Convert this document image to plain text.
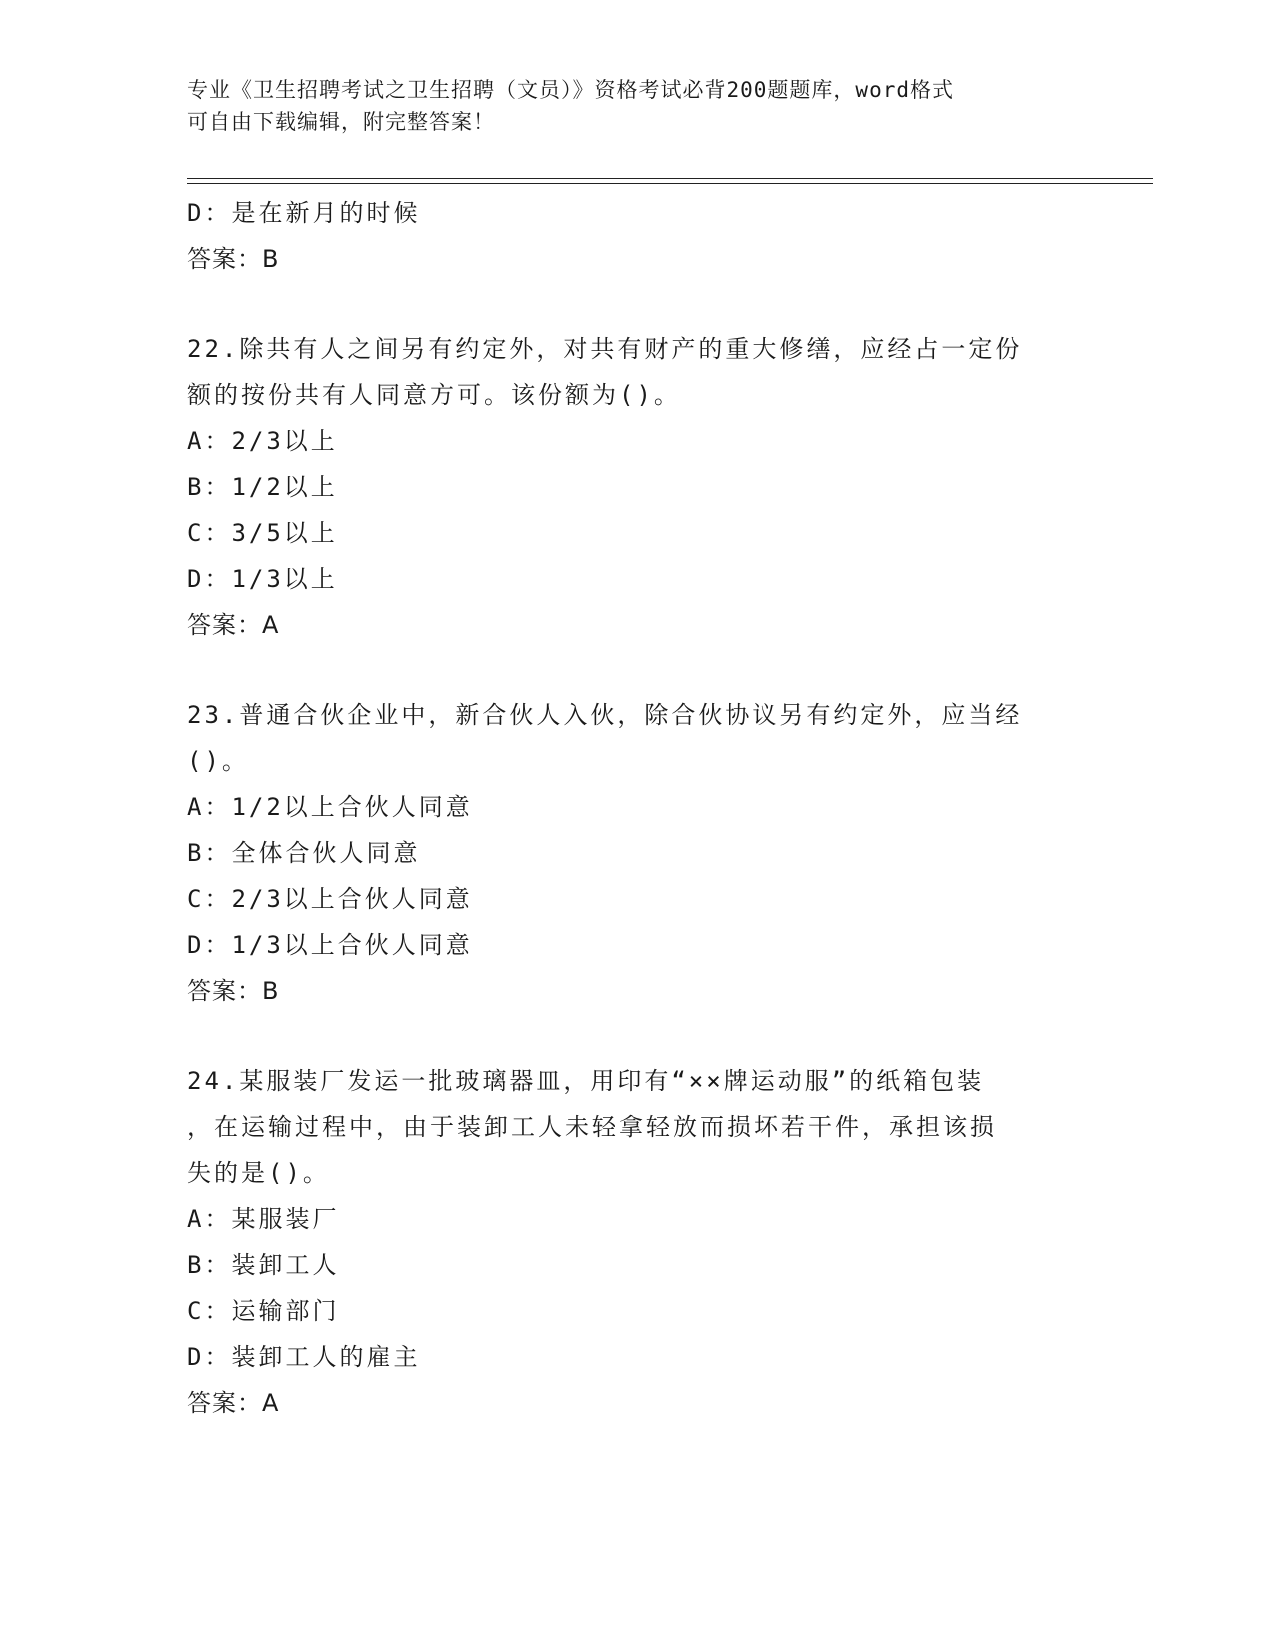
专业《卫生招聘考试之卫生招聘（文员）》资格考试必背200题题库，word格式
可自由下载编辑，附完整答案！
D：是在新月的时候
答案：B
22.除共有人之间另有约定外，对共有财产的重大修缮，应经占一定份
额的按份共有人同意方可。该份额为()。
A：2/3以上
B：1/2以上
C：3/5以上
D：1/3以上
答案：A
23.普通合伙企业中，新合伙人入伙，除合伙协议另有约定外，应当经
()。
A：1/2以上合伙人同意
B：全体合伙人同意
C：2/3以上合伙人同意
D：1/3以上合伙人同意
答案：B
24.某服装厂发运一批玻璃器皿，用印有“××牌运动服”的纸箱包装
，在运输过程中，由于装卸工人未轻拿轻放而损坏若干件，承担该损
失的是()。
A：某服装厂
B：装卸工人
C：运输部门
D：装卸工人的雇主
答案：A
